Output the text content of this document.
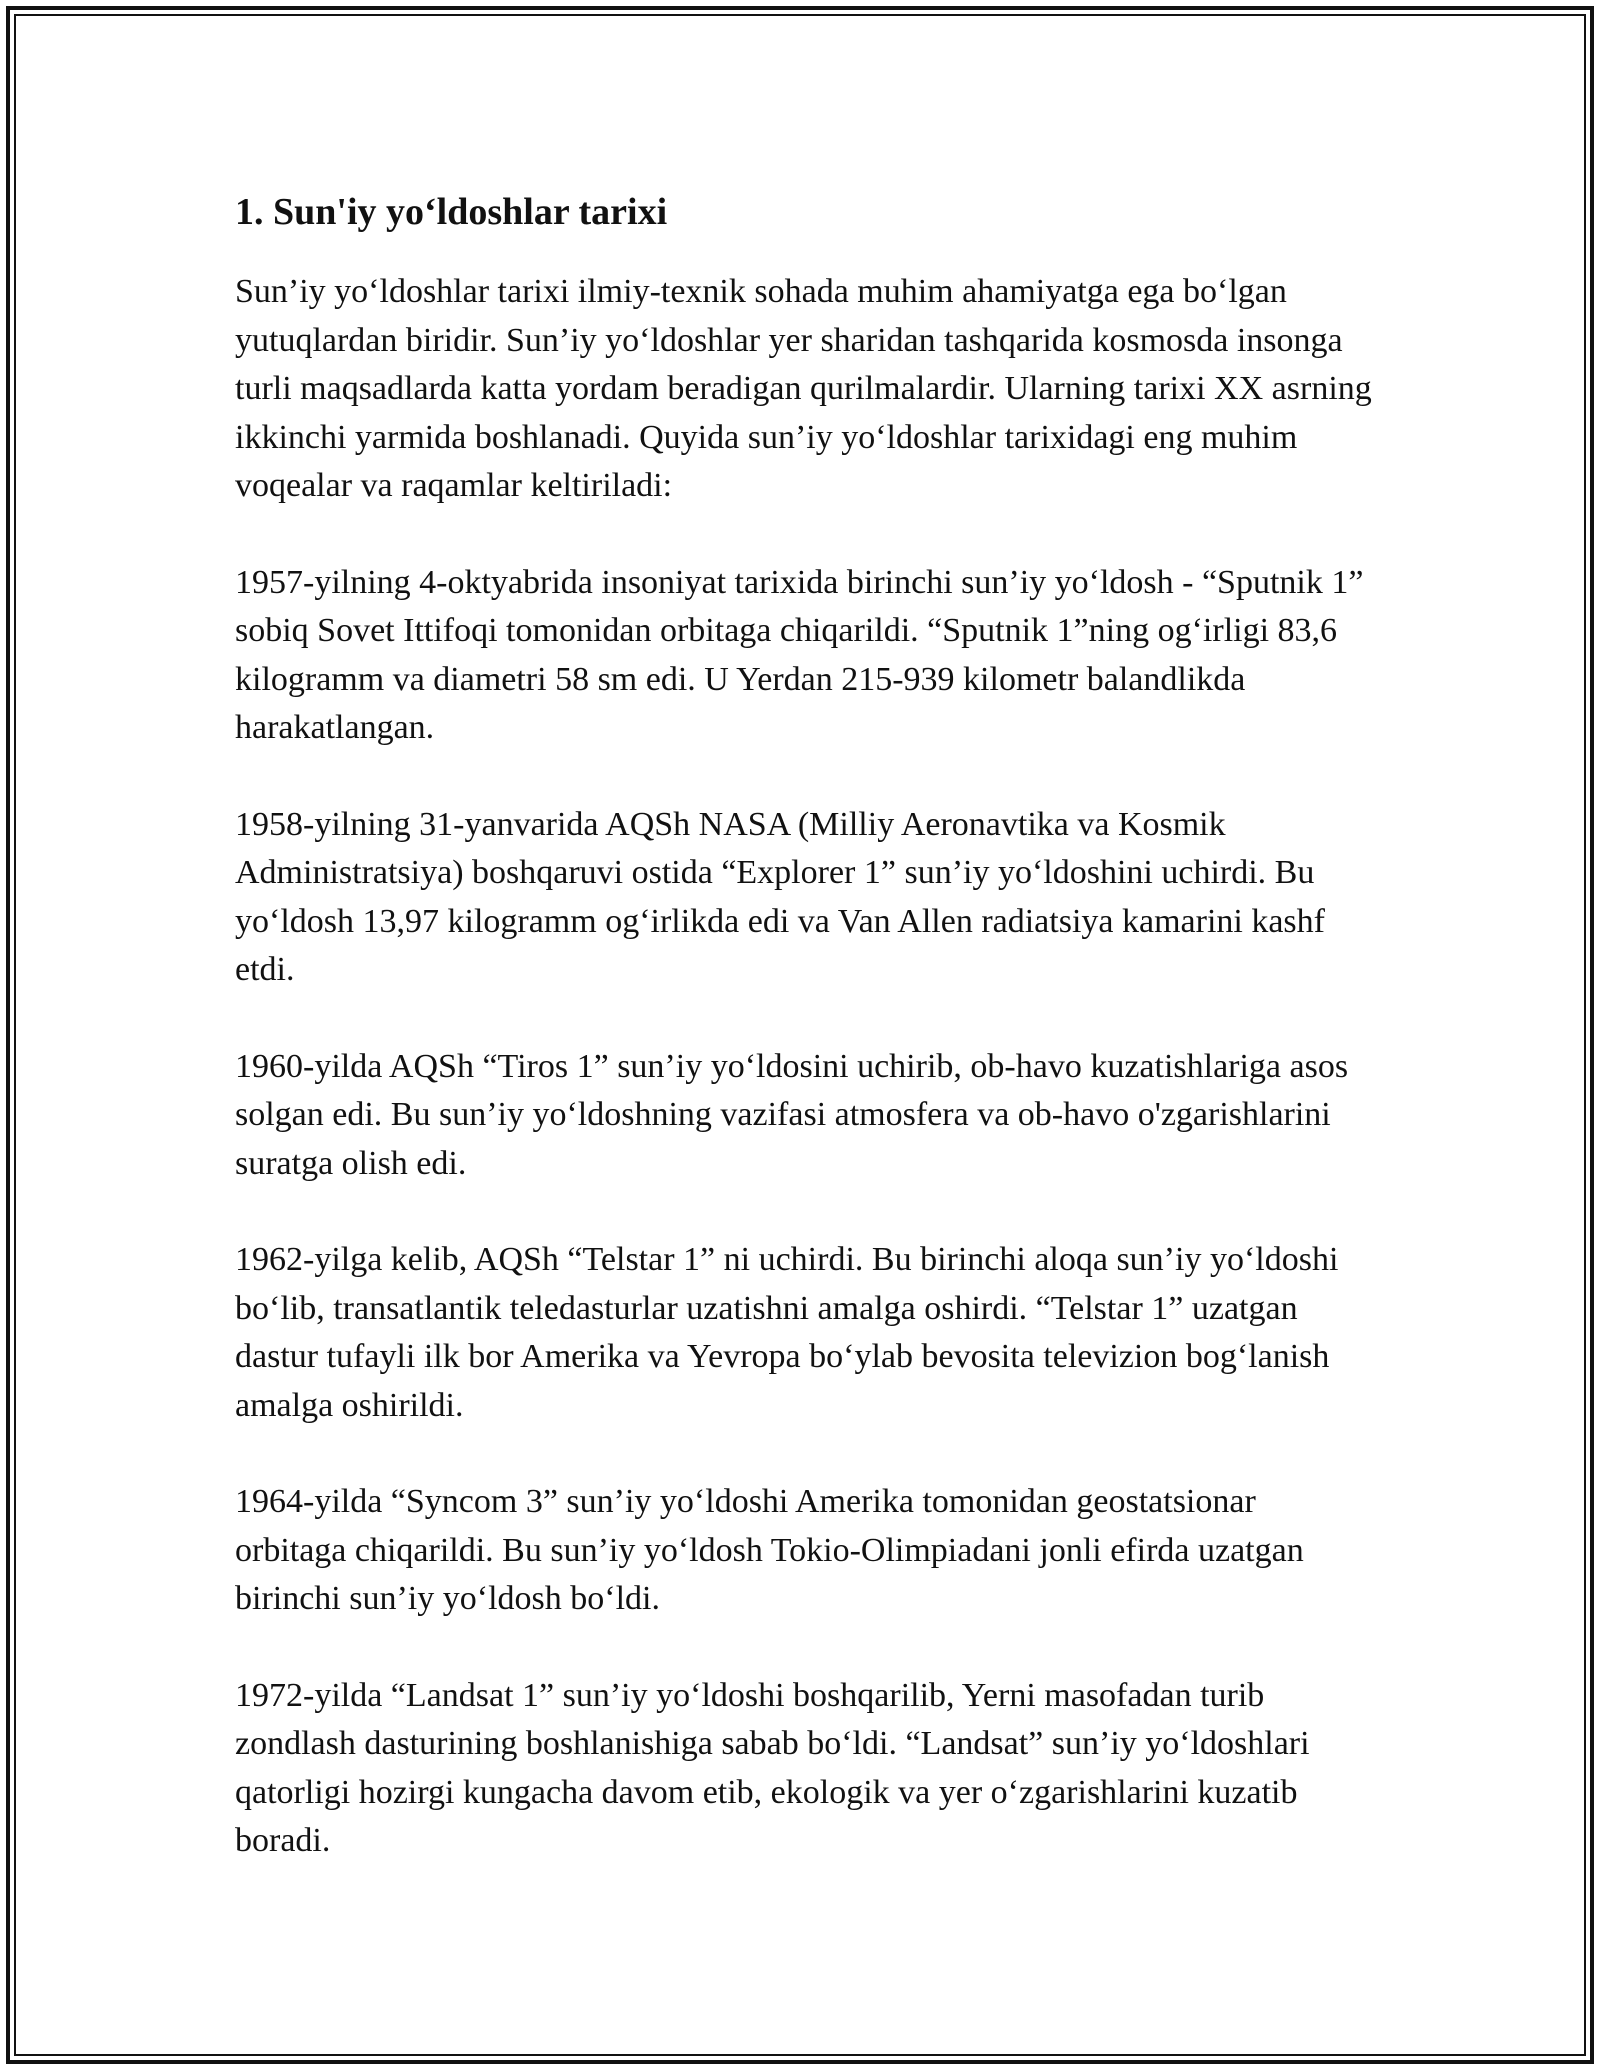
1. Sun'iy yo‘ldoshlar tarixi

Sun’iy yo‘ldoshlar tarixi ilmiy-texnik sohada muhim ahamiyatga ega bo‘lgan yutuqlardan biridir. Sun’iy yo‘ldoshlar yer sharidan tashqarida kosmosda insonga turli maqsadlarda katta yordam beradigan qurilmalardir. Ularning tarixi XX asrning ikkinchi yarmida boshlanadi. Quyida sun’iy yo‘ldoshlar tarixidagi eng muhim voqealar va raqamlar keltiriladi:

1957-yilning 4-oktyabrida insoniyat tarixida birinchi sun’iy yo‘ldosh - “Sputnik 1” sobiq Sovet Ittifoqi tomonidan orbitaga chiqarildi. “Sputnik 1”ning og‘irligi 83,6 kilogramm va diametri 58 sm edi. U Yerdan 215-939 kilometr balandlikda harakatlangan.

1958-yilning 31-yanvarida AQSh NASA (Milliy Aeronavtika va Kosmik Administratsiya) boshqaruvi ostida “Explorer 1” sun’iy yo‘ldoshini uchirdi. Bu yo‘ldosh 13,97 kilogramm og‘irlikda edi va Van Allen radiatsiya kamarini kashf etdi.

1960-yilda AQSh “Tiros 1” sun’iy yo‘ldosini uchirib, ob-havo kuzatishlariga asos solgan edi. Bu sun’iy yo‘ldoshning vazifasi atmosfera va ob-havo o'zgarishlarini suratga olish edi.

1962-yilga kelib, AQSh “Telstar 1” ni uchirdi. Bu birinchi aloqa sun’iy yo‘ldoshi bo‘lib, transatlantik teledasturlar uzatishni amalga oshirdi. “Telstar 1” uzatgan dastur tufayli ilk bor Amerika va Yevropa bo‘ylab bevosita televizion bog‘lanish amalga oshirildi.

1964-yilda “Syncom 3” sun’iy yo‘ldoshi Amerika tomonidan geostatsionar orbitaga chiqarildi. Bu sun’iy yo‘ldosh Tokio-Olimpiadani jonli efirda uzatgan birinchi sun’iy yo‘ldosh bo‘ldi.

1972-yilda “Landsat 1” sun’iy yo‘ldoshi boshqarilib, Yerni masofadan turib zondlash dasturining boshlanishiga sabab bo‘ldi. “Landsat” sun’iy yo‘ldoshlari qatorligi hozirgi kungacha davom etib, ekologik va yer o‘zgarishlarini kuzatib boradi.
